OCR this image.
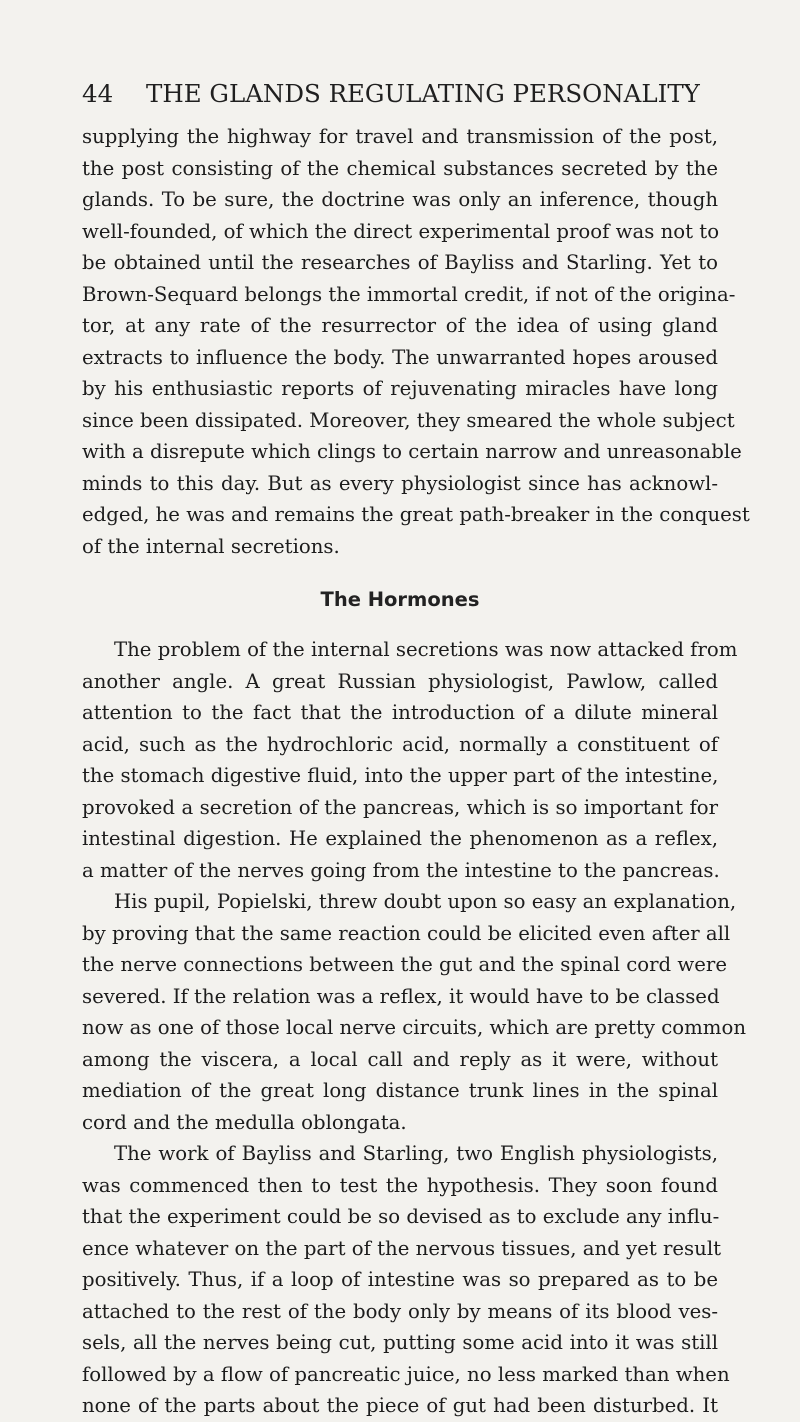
44 THE GLANDS REGULATING PERSONALITY
supplying the highway for travel and transmission of the post,
the post consisting of the chemical substances secreted by the
glands. To be sure, the doctrine was only an inference, though
well-founded, of which the direct experimental proof was not to
be obtained until the researches of Bayliss and Starling. Yet to
Brown-Sequard belongs the immortal credit, if not of the origina-
tor, at any rate of the resurrector of the idea of using gland
extracts to influence the body. The unwarranted hopes aroused
by his enthusiastic reports of rejuvenating miracles have long
since been dissipated. Moreover, they smeared the whole subject
with a disrepute which clings to certain narrow and unreasonable
minds to this day. But as every physiologist since has acknowl-
edged, he was and remains the great path-breaker in the conquest
of the internal secretions.
The Hormones
The problem of the internal secretions was now attacked from
another angle. A great Russian physiologist, Pawlow, called
attention to the fact that the introduction of a dilute mineral
acid, such as the hydrochloric acid, normally a constituent of
the stomach digestive fluid, into the upper part of the intestine,
provoked a secretion of the pancreas, which is so important for
intestinal digestion. He explained the phenomenon as a reflex,
a matter of the nerves going from the intestine to the pancreas.
His pupil, Popielski, threw doubt upon so easy an explanation,
by proving that the same reaction could be elicited even after all
the nerve connections between the gut and the spinal cord were
severed. If the relation was a reflex, it would have to be classed
now as one of those local nerve circuits, which are pretty common
among the viscera, a local call and reply as it were, without
mediation of the great long distance trunk lines in the spinal
cord and the medulla oblongata.
The work of Bayliss and Starling, two English physiologists,
was commenced then to test the hypothesis. They soon found
that the experiment could be so devised as to exclude any influ-
ence whatever on the part of the nervous tissues, and yet result
positively. Thus, if a loop of intestine was so prepared as to be
attached to the rest of the body only by means of its blood ves-
sels, all the nerves being cut, putting some acid into it was still
followed by a flow of pancreatic juice, no less marked than when
none of the parts about the piece of gut had been disturbed. It
